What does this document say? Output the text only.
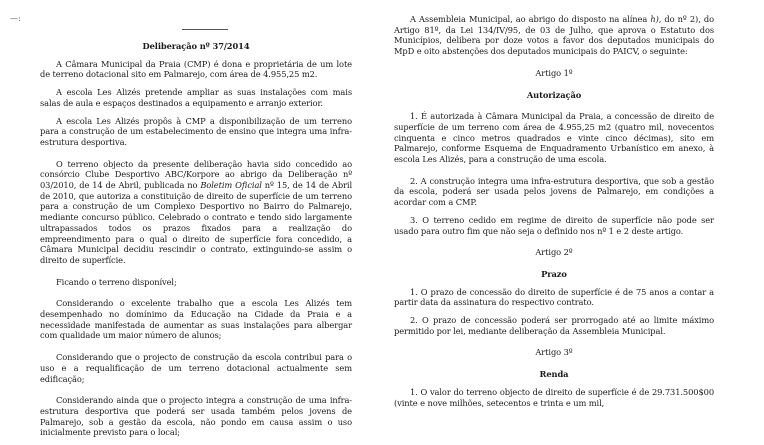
—:
Deliberação nº 37/2014
A Câmara Municipal da Praia (CMP) é dona e proprietária de um lote de terreno dotacional sito em Palmarejo, com área de 4.955,25 m2.
A escola Les Alizés pretende ampliar as suas instalações com mais salas de aula e espaços destinados a equipamento e arranjo exterior.
A escola Les Alizés propôs à CMP a disponibilização de um terreno para a construção de um estabelecimento de ensino que integra uma infra-estrutura desportiva.
O terreno objecto da presente deliberação havia sido concedido ao consórcio Clube Desportivo ABC/Korpore ao abrigo da Deliberação nº 03/2010, de 14 de Abril, publicada no Boletim Oficial nº 15, de 14 de Abril de 2010, que autoriza a constituição de direito de superfície de um terreno para a construção de um Complexo Desportivo no Bairro do Palmarejo, mediante concurso público. Celebrado o contrato e tendo sido largamente ultrapassados todos os prazos fixados para a realização do empreendimento para o qual o direito de superfície fora concedido, a Câmara Municipal decidiu rescindir o contrato, extinguindo-se assim o direito de superfície.
Ficando o terreno disponível;
Considerando o excelente trabalho que a escola Les Alizés tem desempenhado no domínimo da Educação na Cidade da Praia e a necessidade manifestada de aumentar as suas instalações para albergar com qualidade um maior número de alunos;
Considerando que o projecto de construção da escola contribui para o uso e a requalificação de um terreno dotacional actualmente sem edificação;
Considerando ainda que o projecto integra a construção de uma infra-estrutura desportiva que poderá ser usada também pelos jovens de Palmarejo, sob a gestão da escola, não pondo em causa assim o uso inicialmente previsto para o local;
A Assembleia Municipal, ao abrigo do disposto na alínea h), do nº 2), do Artigo 81º, da Lei 134/IV/95, de 03 de Julho, que aprova o Estatuto dos Municípios, delibera por doze votos a favor dos deputados municipais do MpD e oito abstenções dos deputados municipais do PAICV, o seguinte:
Artigo 1º
Autorização
1. É autorizada à Câmara Municipal da Praia, a concessão de direito de superfície de um terreno com área de 4.955,25 m2 (quatro mil, novecentos cinquenta e cinco metros quadrados e vinte cinco décimas), sito em Palmarejo, conforme Esquema de Enquadramento Urbanístico em anexo, à escola Les Alizés, para a construção de uma escola.
2. A construção integra uma infra-estrutura desportiva, que sob a gestão da escola, poderá ser usada pelos jovens de Palmarejo, em condições a acordar com a CMP.
3. O terreno cedido em regime de direito de superfície não pode ser usado para outro fim que não seja o definido nos nº 1 e 2 deste artigo.
Artigo 2º
Prazo
1. O prazo de concessão do direito de superfície é de 75 anos a contar a partir data da assinatura do respectivo contrato.
2. O prazo de concessão poderá ser prorrogado até ao limite máximo permitido por lei, mediante deliberação da Assembleia Municipal.
Artigo 3º
Renda
1. O valor do terreno objecto de direito de superfície é de 29.731.500$00 (vinte e nove milhões, setecentos e trinta e um mil,
